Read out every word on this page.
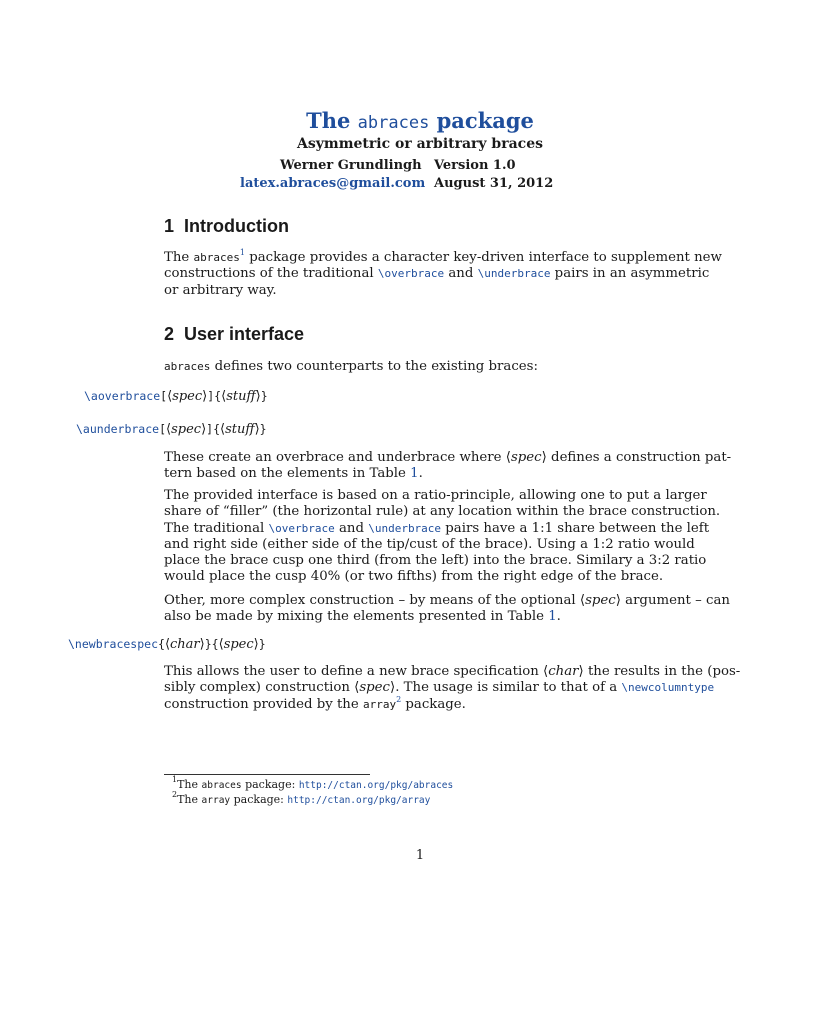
The abraces package
Asymmetric or arbitrary braces
Werner Grundlingh Version 1.0
latex.abraces@gmail.com August 31, 2012
1 Introduction
The abraces$^1$ package provides a character key-driven interface to supplement new
constructions of the traditional \overbrace and \underbrace pairs in an asymmetric
or arbitrary way.
2 User interface
abraces defines two counterparts to the existing braces:
\aoverbrace[⟨spec⟩]{⟨stuff⟩}
\aunderbrace[⟨spec⟩]{⟨stuff⟩}
These create an overbrace and underbrace where ⟨spec⟩ defines a construction pat-
tern based on the elements in Table 1.
The provided interface is based on a ratio-principle, allowing one to put a larger
share of “filler” (the horizontal rule) at any location within the brace construction.
The traditional \overbrace and \underbrace pairs have a 1:1 share between the left
and right side (either side of the tip/cust of the brace). Using a 1:2 ratio would
place the brace cusp one third (from the left) into the brace. Similary a 3:2 ratio
would place the cusp 40% (or two fifths) from the right edge of the brace.
Other, more complex construction – by means of the optional ⟨spec⟩ argument – can
also be made by mixing the elements presented in Table 1.
\newbracespec{⟨char⟩}{⟨spec⟩}
This allows the user to define a new brace specification ⟨char⟩ the results in the (pos-
sibly complex) construction ⟨spec⟩. The usage is similar to that of a \newcolumntype
construction provided by the array$^2$ package.
$^1$The abraces package: http://ctan.org/pkg/abraces
$^2$The array package: http://ctan.org/pkg/array
1
